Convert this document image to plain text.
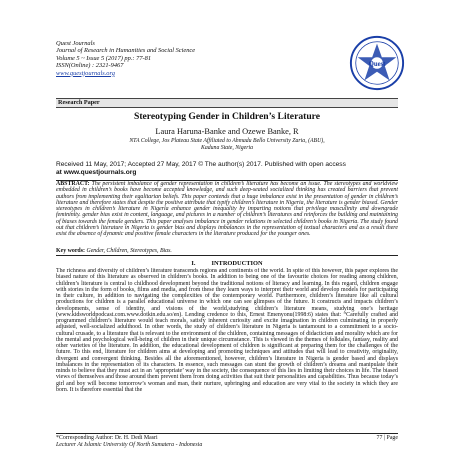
Quest Journals
Journal of Research in Humanities and Social Science
Volume 5 ~ Issue 5 (2017) pp.: 77-81
ISSN(Online) : 2321-9467
www.questjournals.org
Quest
Research Paper
Stereotyping Gender in Children’s Literature
Laura Haruna-Banke and Ozewe Banke, R
NTA College, Jos Plateau State Affiliated to Ahmadu Bello University Zaria, (ABU),
Kaduna State, Nigeria
Received 11 May, 2017; Accepted 27 May, 2017 © The author(s) 2017. Published with open access
at www.questjournals.org
ABSTRACT: The persistent imbalance of gender representation in children’s literature has become an issue. The stereotypes and worldview embedded in children’s books have become accepted knowledge, and such deep-seated socialized thinking has created barriers that prevent authors from implementing their egalitarian beliefs. This paper contends that a huge imbalance exist in the presentation of gender in children’s literature and therefore states that despite the positive attribute that typify children’s literature in Nigeria, the literature is gender biased. Gender stereotypes in children’s literature in Nigeria enhance gender inequality by imparting notions that privilege masculinity and downgrade femininity. gender bias exist in content, language, and pictures in a number of children’s literatures and reinforces the building and maintaining of biases towards the female genders. This paper analyses imbalance in gender relations in selected children’s books in Nigeria. The study found out that children’s literature in Nigeria is gender bias and displays imbalances in the representation of textual characters and as a result there exist the absence of dynamic and positive female characters in the literature produced for the younger ones.
Key words: Gender, Children, Stereotypes, Bias.
I.          INTRODUCTION
The richness and diversity of children’s literature transcends regions and continents of the world. In spite of this however, this paper explores the biased nature of this literature as observed in children’s books. In addition to being one of the favourite choices for reading among children, children’s literature is central to childhood development beyond the traditional notions of literacy and learning. In this regard, children engage with stories in the form of books, films and media, and from these they learn ways to interpret their world and develop models for participating in their culture, in addition to navigating the complexities of the contemporary world. Furthermore, children’s literature like all cultural productions for children is a parallel educational universe in which one can see glimpses of the future. It constructs and impacts children’s developments, sense of identity, and visions of the world,studying children’s literature means, studying one’s heritage (www.kidsworldpodcast.com.www.dotkin.edu.so/en). Lending credence to this, Ernest Emenyonu(1998:6) states that: “Carefully crafted and programmed children’s literature would teach morals, satisfy inherent curiosity and excite imagination in children culminating in properly adjusted, well-socialized adulthood. In other words, the study of children’s literature in Nigeria is tantamount to a commitment to a socio-cultural crusade, to a literature that is relevant to the environment of the children, containing messages of didacticism and morality which are for the mental and psychological well-being of children in their unique circumstance. This is viewed in the themes of folktales, fantasy, reality and other varieties of the literature. In addition, the educational development of children is significant at preparing them for the challenges of the future. To this end, literature for children aims at developing and promoting techniques and attitudes that will lead to creativity, originality, divergent and convergent thinking. Besides all the aforementioned, however, children’s literature in Nigeria is gender based and displays imbalances in the representation of its characters. In essence, such messages can stunt the growth of children’s dreams and manipulate their minds to believe that they must act in an ‘appropriate’ way in the society, the consequence of this lies in limiting their choices in life. The biased views of themselves and those around them prevent them from doing activities that suit their personalities and capabilities. Thus because today’s girl and boy will become tomorrow’s woman and man, their nurture, upbringing and education are very vital to the society in which they are born. It is therefore essential that the
*Corresponding Author: Dr. H. Dedi Masri
Lecturer At Islamic University Of North Sumatera - Indonesia
77 | Page
